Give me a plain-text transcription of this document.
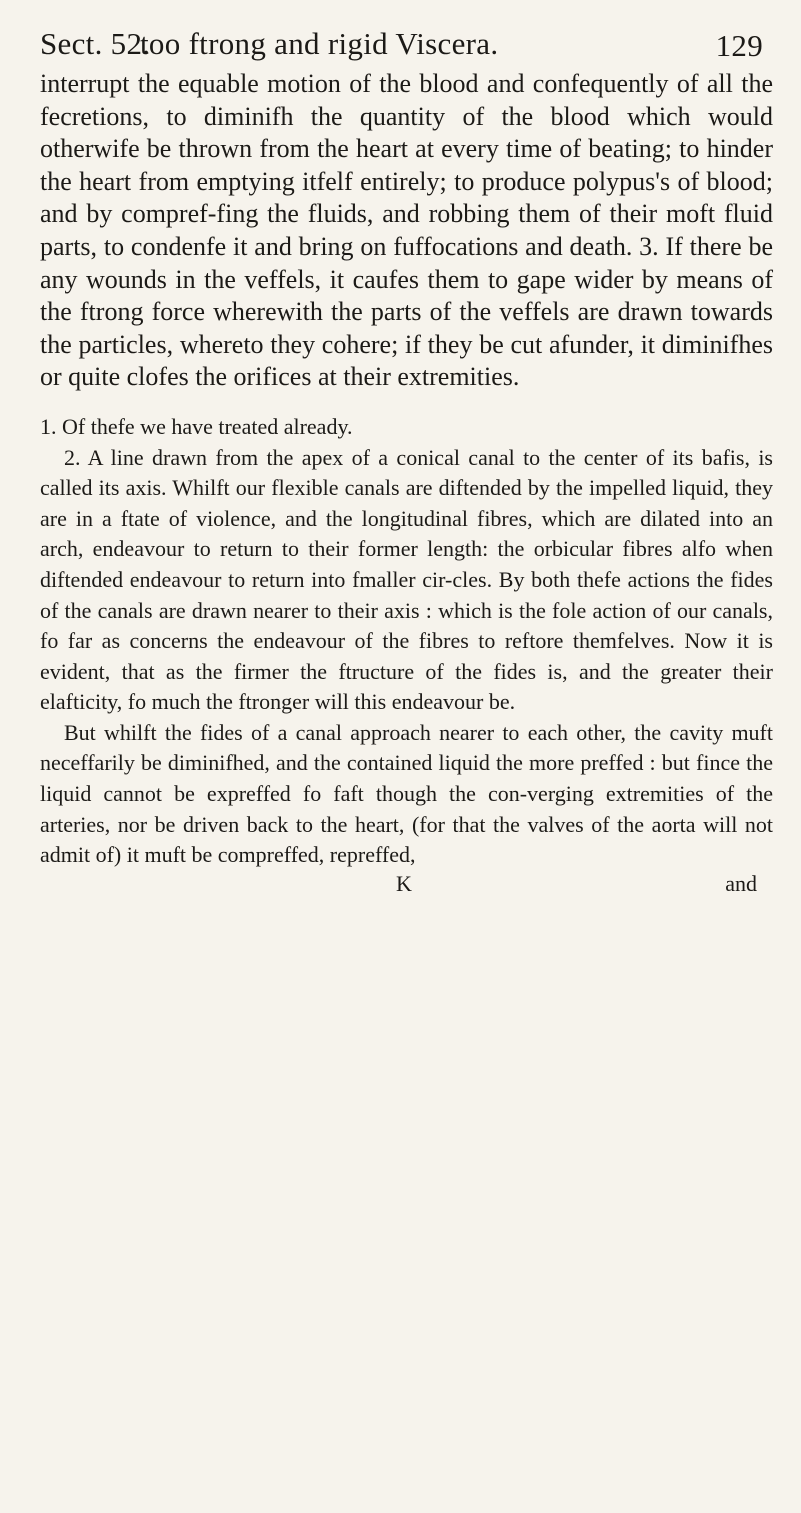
Sect. 52.
too ftrong and rigid Viscera.	129

interrupt the equable motion of the blood and confequently of all the fecretions, to diminifh the quantity of the blood which would otherwife be thrown from the heart at every time of beating; to hinder the heart from emptying itfelf entirely; to produce polypus's of blood; and by compref-fing the fluids, and robbing them of their moft fluid parts, to condenfe it and bring on fuffocations and death. 3. If there be any wounds in the veffels, it caufes them to gape wider by means of the ftrong force wherewith the parts of the veffels are drawn towards the particles, whereto they cohere; if they be cut afunder, it diminifhes or quite clofes the orifices at their extremities.

1. Of thefe we have treated already.

2. A line drawn from the apex of a conical canal to the center of its bafis, is called its axis. Whilft our flexible canals are diftended by the impelled liquid, they are in a ftate of violence, and the longitudinal fibres, which are dilated into an arch, endeavour to return to their former length: the orbicular fibres alfo when diftended endeavour to return into fmaller cir-cles. By both thefe actions the fides of the canals are drawn nearer to their axis : which is the fole action of our canals, fo far as concerns the endeavour of the fibres to reftore themfelves. Now it is evident, that as the firmer the ftructure of the fides is, and the greater their elafticity, fo much the ftronger will this endeavour be.

But whilft the fides of a canal approach nearer to each other, the cavity muft neceffarily be diminifhed, and the contained liquid the more preffed : but fince the liquid cannot be expreffed fo faft though the con-verging extremities of the arteries, nor be driven back to the heart, (for that the valves of the aorta will not admit of) it muft be compreffed, repreffed,

K	and
